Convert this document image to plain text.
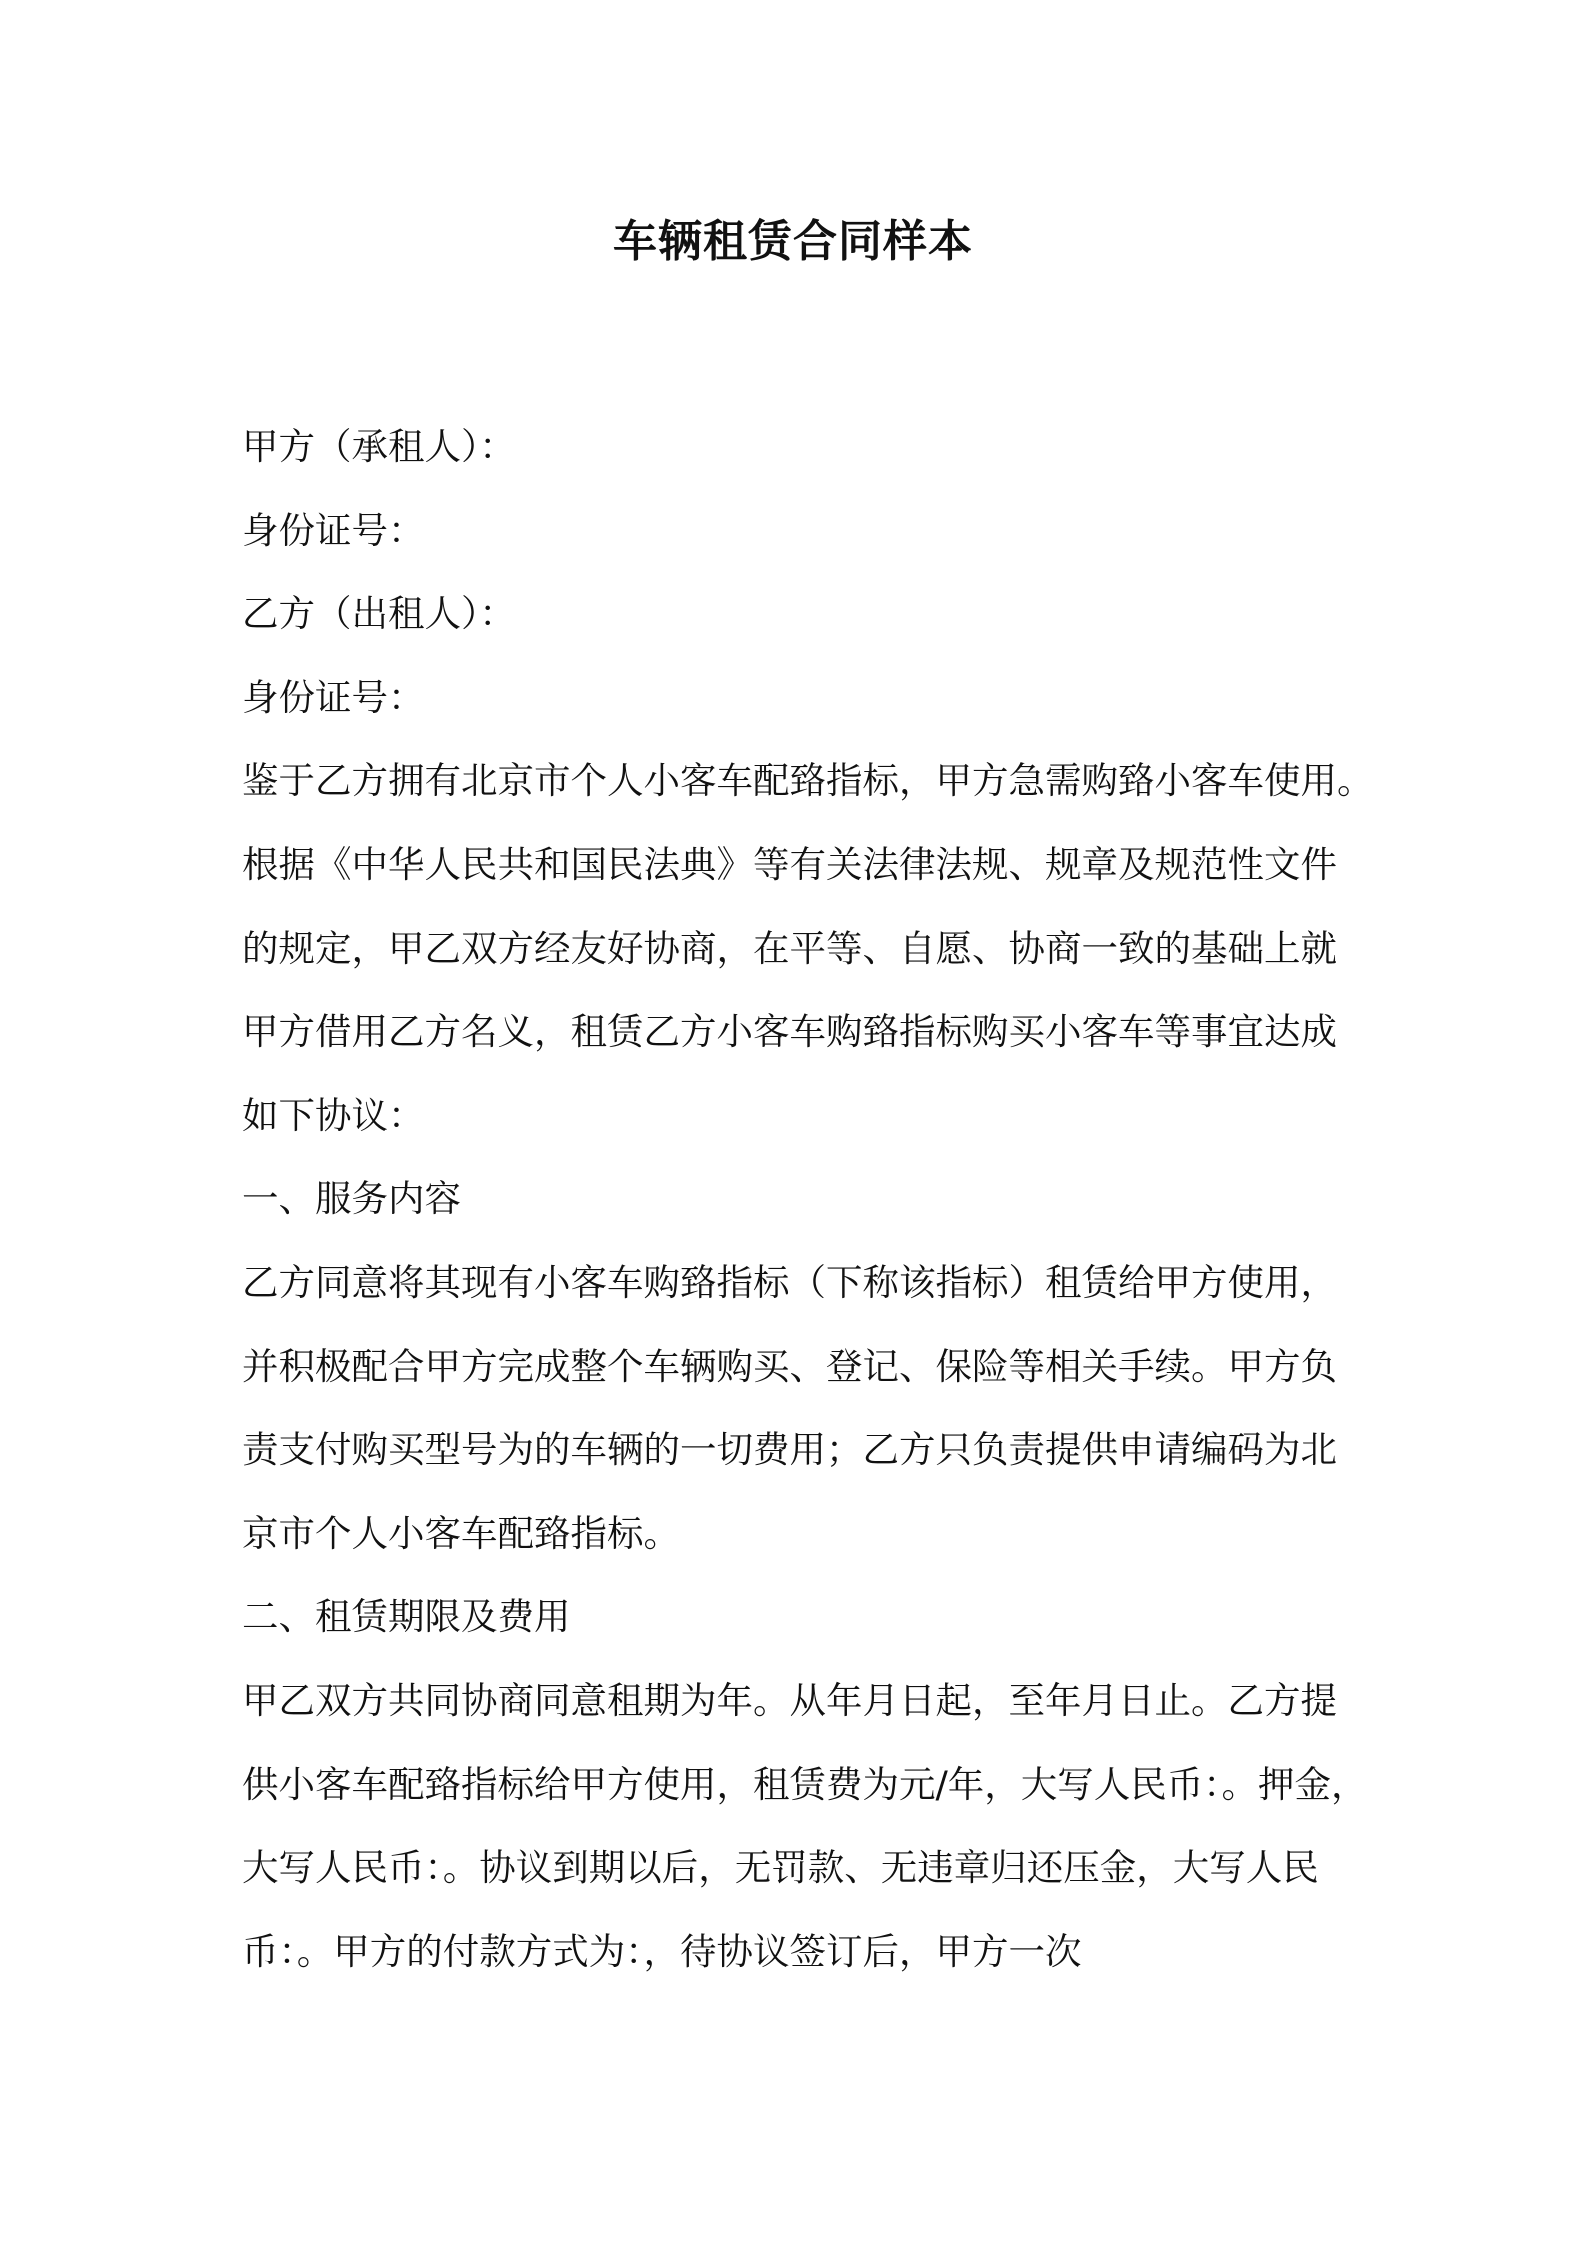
车辆租赁合同样本
甲方（承租人）：
身份证号：
乙方（出租人）：
身份证号：
鉴于乙方拥有北京市个人小客车配臵指标，甲方急需购臵小客车使用。
根据《中华人民共和国民法典》等有关法律法规、规章及规范性文件
的规定，甲乙双方经友好协商，在平等、自愿、协商一致的基础上就
甲方借用乙方名义，租赁乙方小客车购臵指标购买小客车等事宜达成
如下协议：
一、服务内容
乙方同意将其现有小客车购臵指标（下称该指标）租赁给甲方使用，
并积极配合甲方完成整个车辆购买、登记、保险等相关手续。甲方负
责支付购买型号为的车辆的一切费用；乙方只负责提供申请编码为北
京市个人小客车配臵指标。
二、租赁期限及费用
甲乙双方共同协商同意租期为年。从年月日起，至年月日止。乙方提
供小客车配臵指标给甲方使用，租赁费为元/年，大写人民币：。押金，
大写人民币：。协议到期以后，无罚款、无违章归还压金，大写人民
币：。甲方的付款方式为：，待协议签订后，甲方一次
